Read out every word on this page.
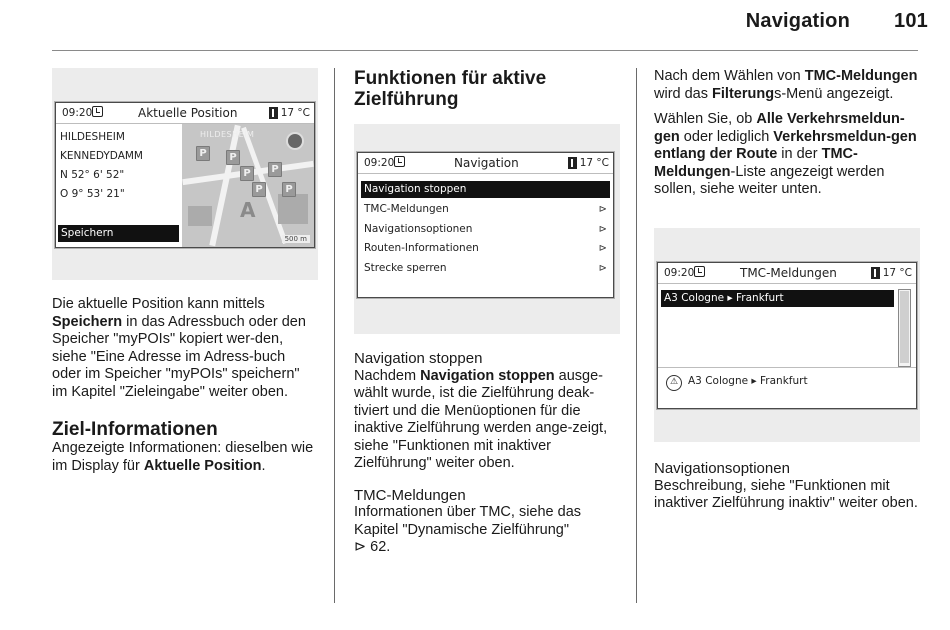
Navigation 101
09:20	Aktuelle Position	17 °C
HILDESHEIM
KENNEDYDAMM
N 52° 6' 52"
O 9° 53' 21"
Speichern
HILDESHEIM
P	P
P	P
P	P
A
500 m

Die aktuelle Position kann mittels Speichern in das Adressbuch oder den Speicher "myPOIs" kopiert wer-den, siehe "Eine Adresse im Adress-buch oder im Speicher "myPOIs" speichern" im Kapitel "Zieleingabe" weiter oben.

Ziel-Informationen

Angezeigte Informationen: dieselben wie im Display für Aktuelle Position.

Funktionen für aktive Zielführung

09:20	Navigation	17 °C
Navigation stoppen
TMC-Meldungen	⊳
Navigationsoptionen	⊳
Routen-Informationen	⊳
Strecke sperren	⊳

Navigation stoppen

Nachdem Navigation stoppen ausge-wählt wurde, ist die Zielführung deak-tiviert und die Menüoptionen für die inaktive Zielführung werden ange-zeigt, siehe "Funktionen mit inaktiver Zielführung" weiter oben.

TMC-Meldungen

Informationen über TMC, siehe das Kapitel "Dynamische Zielführung"
⊳ 62.

Nach dem Wählen von TMC-Meldungen wird das Filterungs-Menü angezeigt.

Wählen Sie, ob Alle Verkehrsmeldun-gen oder lediglich Verkehrsmeldun-gen entlang der Route in der TMC-Meldungen-Liste angezeigt werden sollen, siehe weiter unten.

09:20	TMC-Meldungen	17 °C
A3 Cologne ▸ Frankfurt
⚠ A3 Cologne ▸ Frankfurt

Navigationsoptionen

Beschreibung, siehe "Funktionen mit inaktiver Zielführung inaktiv" weiter oben.
